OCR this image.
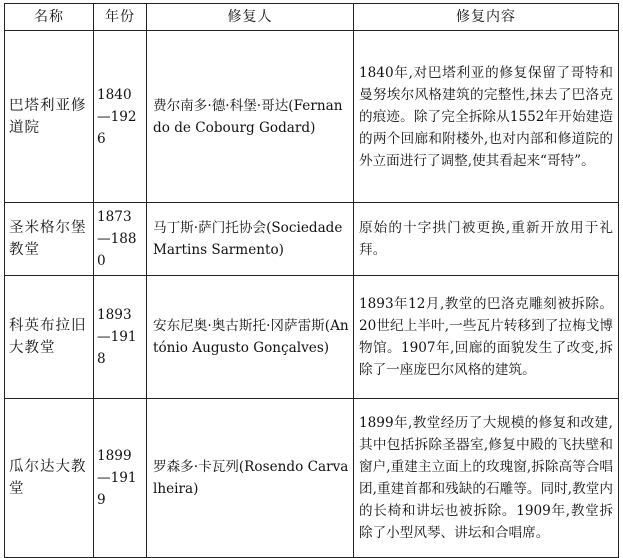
名称	年份	修复人	修复内容
巴塔利亚修道院	1840—1926	费尔南多·德·科堡·哥达(Fernando de Cobourg Godard)	1840年,对巴塔利亚的修复保留了哥特和曼努埃尔风格建筑的完整性,抹去了巴洛克的痕迹。除了完全拆除从1552年开始建造的两个回廊和附楼外,也对内部和修道院的外立面进行了调整,使其看起来“哥特”。
圣米格尔堡教堂	1873—1880	马丁斯·萨门托协会(Sociedade Martins Sarmento)	原始的十字拱门被更换,重新开放用于礼拜。
科英布拉旧大教堂	1893—1918	安东尼奥·奥古斯托·冈萨雷斯(António Augusto Gonçalves)	1893年12月,教堂的巴洛克雕刻被拆除。20世纪上半叶,一些瓦片转移到了拉梅戈博物馆。1907年,回廊的面貌发生了改变,拆除了一座庞巴尔风格的建筑。
瓜尔达大教堂	1899—1919	罗森多·卡瓦列(Rosendo Carvalheira)	1899年,教堂经历了大规模的修复和改建,其中包括拆除圣器室,修复中殿的飞扶壁和窗户,重建主立面上的玫瑰窗,拆除高等合唱团,重建首都和残缺的石雕等。同时,教堂内的长椅和讲坛也被拆除。1909年,教堂拆除了小型风琴、讲坛和合唱席。
